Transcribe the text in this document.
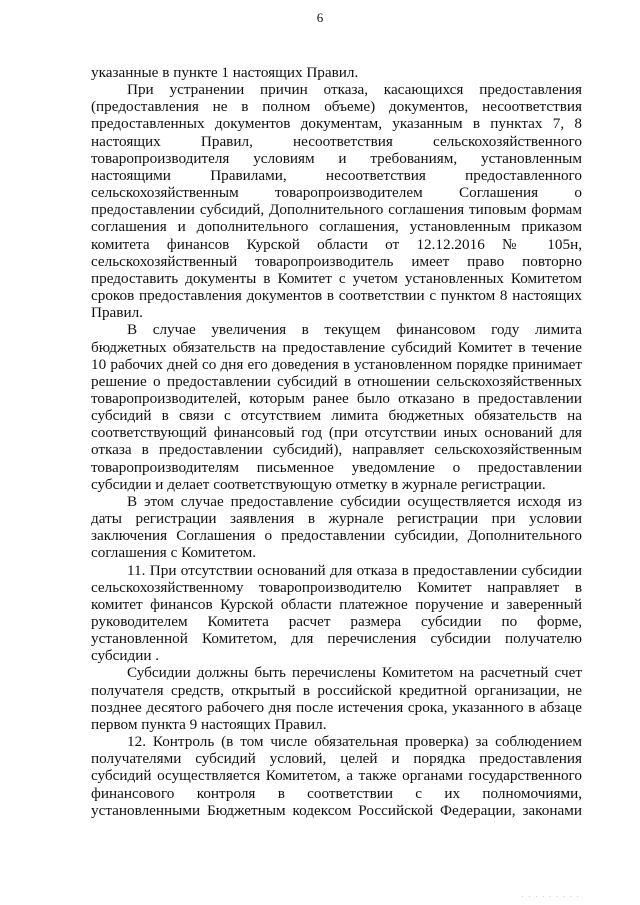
6

указанные в пункте 1 настоящих Правил.

При устранении причин отказа, касающихся предоставления

(предоставления не в полном объеме) документов, несоответствия

предоставленных документов документам, указанным в пунктах 7, 8

настоящих Правил, несоответствия сельскохозяйственного

товаропроизводителя условиям и требованиям, установленным

настоящими Правилами, несоответствия предоставленного

сельскохозяйственным товаропроизводителем Соглашения о

предоставлении субсидий, Дополнительного соглашения типовым формам

соглашения и дополнительного соглашения, установленным приказом

комитета финансов Курской области от 12.12.2016 № 105н,

сельскохозяйственный товаропроизводитель имеет право повторно

предоставить документы в Комитет с учетом установленных Комитетом

сроков предоставления документов в соответствии с пунктом 8 настоящих

Правил.

В случае увеличения в текущем финансовом году лимита

бюджетных обязательств на предоставление субсидий Комитет в течение

10 рабочих дней со дня его доведения в установленном порядке принимает

решение о предоставлении субсидий в отношении сельскохозяйственных

товаропроизводителей, которым ранее было отказано в предоставлении

субсидий в связи с отсутствием лимита бюджетных обязательств на

соответствующий финансовый год (при отсутствии иных оснований для

отказа в предоставлении субсидий), направляет сельскохозяйственным

товаропроизводителям письменное уведомление о предоставлении

субсидии и делает соответствующую отметку в журнале регистрации.

В этом случае предоставление субсидии осуществляется исходя из

даты регистрации заявления в журнале регистрации при условии

заключения Соглашения о предоставлении субсидии, Дополнительного

соглашения с Комитетом.

11. При отсутствии оснований для отказа в предоставлении субсидии

сельскохозяйственному товаропроизводителю Комитет направляет в

комитет финансов Курской области платежное поручение и заверенный

руководителем Комитета расчет размера субсидии по форме,

установленной Комитетом, для перечисления субсидии получателю

субсидии .

Субсидии должны быть перечислены Комитетом на расчетный счет

получателя средств, открытый в российской кредитной организации, не

позднее десятого рабочего дня после истечения срока, указанного в абзаце

первом пункта 9 настоящих Правил.

12. Контроль (в том числе обязательная проверка) за соблюдением

получателями субсидий условий, целей и порядка предоставления

субсидий осуществляется Комитетом, а также органами государственного

финансового контроля в соответствии с их полномочиями,

установленными Бюджетным кодексом Российской Федерации, законами

· · · · · · · · ·
